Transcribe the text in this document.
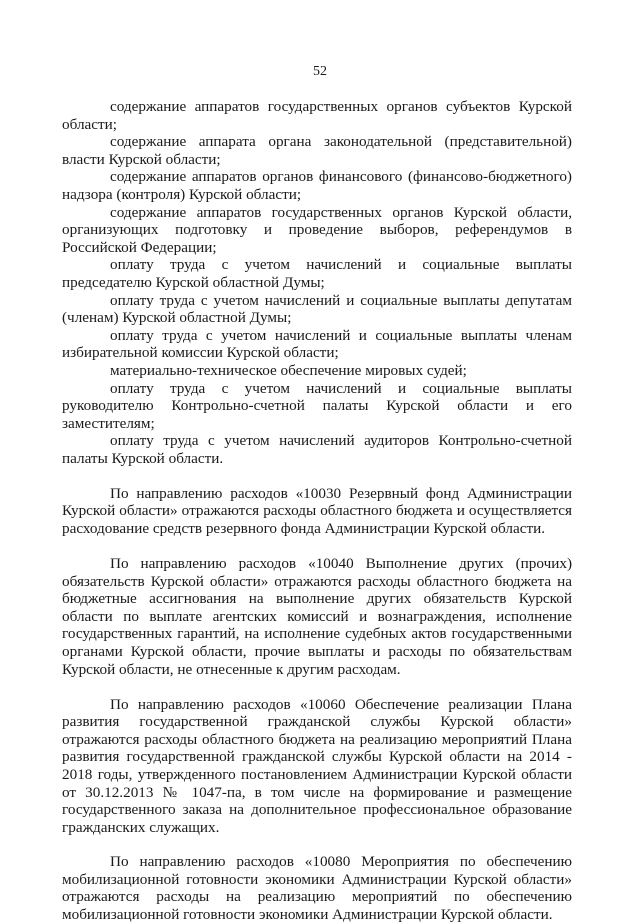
52

содержание аппаратов государственных органов субъектов Курской области;

содержание аппарата органа законодательной (представительной) власти Курской области;

содержание аппаратов органов финансового (финансово-бюджетного) надзора (контроля) Курской области;

содержание аппаратов государственных органов Курской области, организующих подготовку и проведение выборов, референдумов в Российской Федерации;

оплату труда с учетом начислений и социальные выплаты председателю Курской областной Думы;

оплату труда с учетом начислений и социальные выплаты депутатам (членам) Курской областной Думы;

оплату труда с учетом начислений и социальные выплаты членам избирательной комиссии Курской области;

материально-техническое обеспечение мировых судей;

оплату труда с учетом начислений и социальные выплаты руководителю Контрольно-счетной палаты Курской области и его заместителям;

оплату труда с учетом начислений аудиторов Контрольно-счетной палаты Курской области.

По направлению расходов «10030 Резервный фонд Администрации Курской области» отражаются расходы областного бюджета и осуществляется расходование средств резервного фонда Администрации Курской области.

По направлению расходов «10040 Выполнение других (прочих) обязательств Курской области» отражаются расходы областного бюджета на бюджетные ассигнования на выполнение других обязательств Курской области по выплате агентских комиссий и вознаграждения, исполнение государственных гарантий, на исполнение судебных актов государственными органами Курской области, прочие выплаты и расходы по обязательствам Курской области, не отнесенные к другим расходам.

По направлению расходов «10060 Обеспечение реализации Плана развития государственной гражданской службы Курской области» отражаются расходы областного бюджета на реализацию мероприятий Плана развития государственной гражданской службы Курской области на 2014 - 2018 годы, утвержденного постановлением Администрации Курской области от 30.12.2013 № 1047-па, в том числе на формирование и размещение государственного заказа на дополнительное профессиональное образование гражданских служащих.

По направлению расходов «10080 Мероприятия по обеспечению мобилизационной готовности экономики Администрации Курской области» отражаются расходы на реализацию мероприятий по обеспечению мобилизационной готовности экономики Администрации Курской области.
